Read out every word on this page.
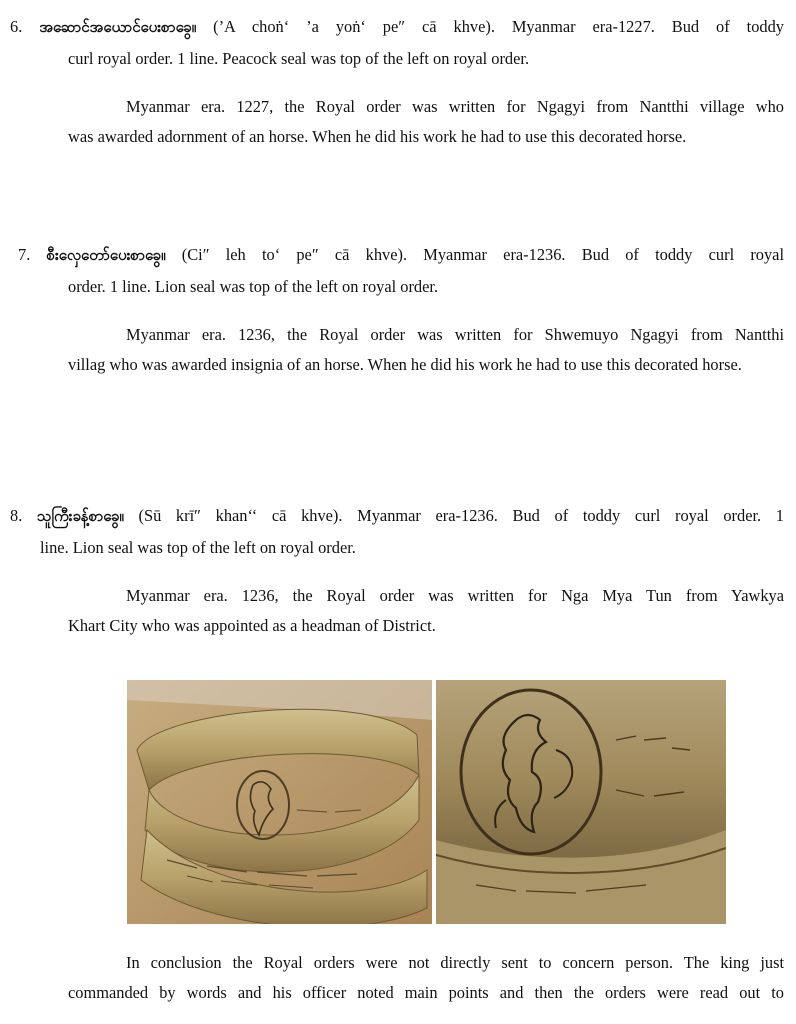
6. အဆောင်အယောင်ပေးစာခွေ။ (’A choṅ‘ ’a yoṅ‘ pe″ cā khve). Myanmar era-1227. Bud of toddy

curl royal order. 1 line. Peacock seal was top of the left on royal order.

Myanmar era. 1227, the Royal order was written for Ngagyi from Nantthi village who
was awarded adornment of an horse. When he did his work he had to use this decorated horse.

7. စီးလှေတော်ပေးစာခွေ။ (Ci″ leh to‘ pe″ cā khve). Myanmar era-1236. Bud of toddy curl royal

order. 1 line. Lion seal was top of the left on royal order.

Myanmar era. 1236, the Royal order was written for Shwemuyo Ngagyi from Nantthi
villag who was awarded insignia of an horse. When he did his work he had to use this decorated horse.

8. သူကြီးခန့်စာခွေ။ (Sū krī″ khan‘‘ cā khve). Myanmar era-1236. Bud of toddy curl royal order. 1

line. Lion seal was top of the left on royal order.

Myanmar era. 1236, the Royal order was written for Nga Mya Tun from Yawkya
Khart City who was appointed as a headman of District.

In conclusion the Royal orders were not directly sent to concern person. The king just
commanded by words and his officer noted main points and then the orders were read out to
